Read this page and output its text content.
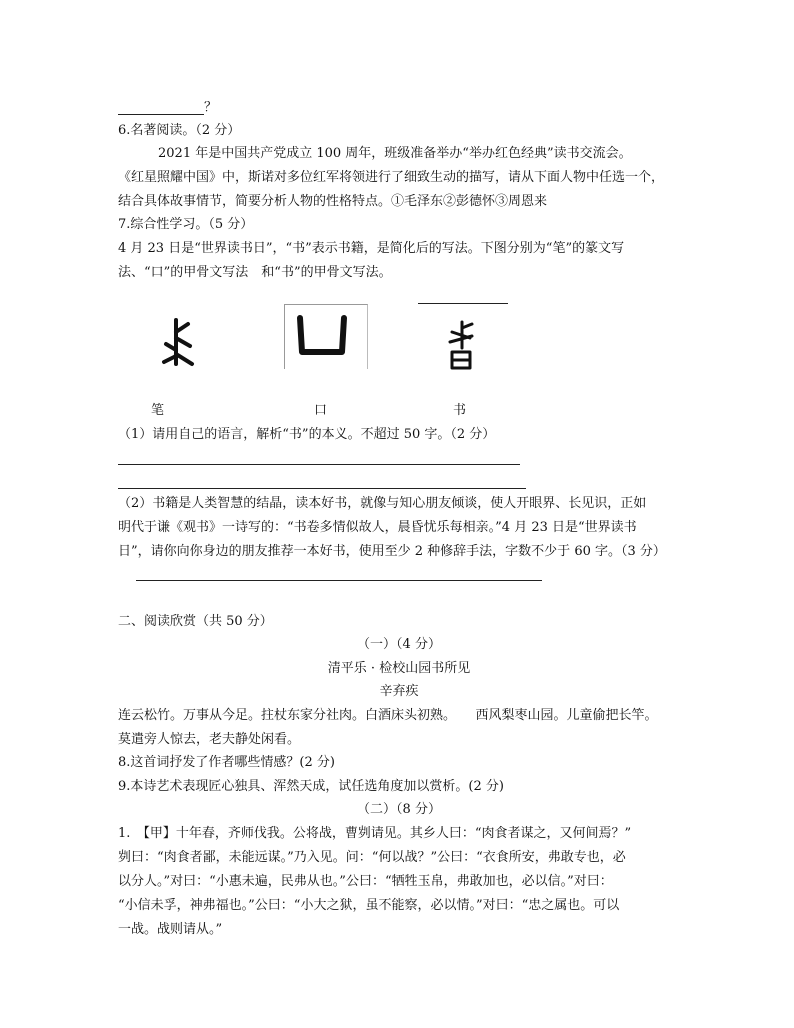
？
6.名著阅读。（2 分）
2021 年是中国共产党成立 100 周年，班级准备举办“举办红色经典”读书交流会。
《红星照耀中国》中，斯诺对多位红军将领进行了细致生动的描写，请从下面人物中任选一个，
结合具体故事情节，简要分析人物的性格特点。①毛泽东②彭德怀③周恩来
7.综合性学习。（5 分）
4 月 23 日是“世界读书日”，“书”表示书籍，是简化后的写法。下图分别为“笔”的篆文写
法、“口”的甲骨文写法　和“书”的甲骨文写法。
笔	口	书
（1）请用自己的语言，解析“书”的本义。不超过 50 字。（2 分）
（2）书籍是人类智慧的结晶，读本好书，就像与知心朋友倾谈，使人开眼界、长见识，正如
明代于谦《观书》一诗写的：“书卷多情似故人，晨昏忧乐每相亲。”4 月 23 日是“世界读书
日”，请你向你身边的朋友推荐一本好书，使用至少 2 种修辞手法，字数不少于 60 字。（3 分）
二、阅读欣赏（共 50 分）
（一）（4 分）
清平乐 · 检校山园书所见
辛弃疾
连云松竹。万事从今足。拄杖东家分社肉。白酒床头初熟。　　西风梨枣山园。儿童偷把长竿。
莫遣旁人惊去，老夫静处闲看。
8.这首词抒发了作者哪些情感？(2 分)
9.本诗艺术表现匠心独具、浑然天成，试任选角度加以赏析。(2 分)
（二）（8 分）
1.　【甲】十年春，齐师伐我。公将战，曹刿请见。其乡人曰：“肉食者谋之，又何间焉？”
刿曰：“肉食者鄙，未能远谋。”乃入见。问：“何以战？”公曰：“衣食所安，弗敢专也，必
以分人。”对曰：“小惠未遍，民弗从也。”公曰：“牺牲玉帛，弗敢加也，必以信。”对曰：
“小信未孚，神弗福也。”公曰：“小大之狱，虽不能察，必以情。”对曰：“忠之属也。可以
一战。战则请从。”
